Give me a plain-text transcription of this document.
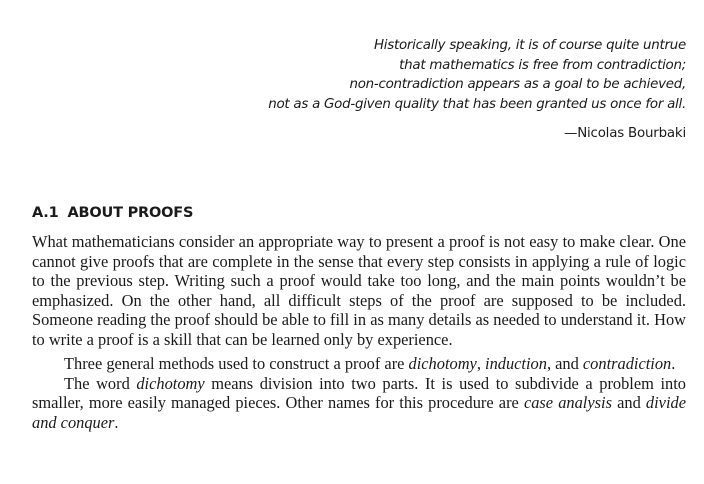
Historically speaking, it is of course quite untrue
that mathematics is free from contradiction;
non-contradiction appears as a goal to be achieved,
not as a God-given quality that has been granted us once for all.
—Nicolas Bourbaki
A.1 ABOUT PROOFS

What mathematicians consider an appropriate way to present a proof is not easy to make clear. One cannot give proofs that are complete in the sense that every step consists in applying a rule of logic to the previous step. Writing such a proof would take too long, and the main points wouldn’t be emphasized. On the other hand, all difficult steps of the proof are supposed to be included. Someone reading the proof should be able to fill in as many details as needed to understand it. How to write a proof is a skill that can be learned only by experience.

Three general methods used to construct a proof are dichotomy, induction, and contradiction.

The word dichotomy means division into two parts. It is used to subdivide a problem into smaller, more easily managed pieces. Other names for this procedure are case analysis and divide and conquer.
